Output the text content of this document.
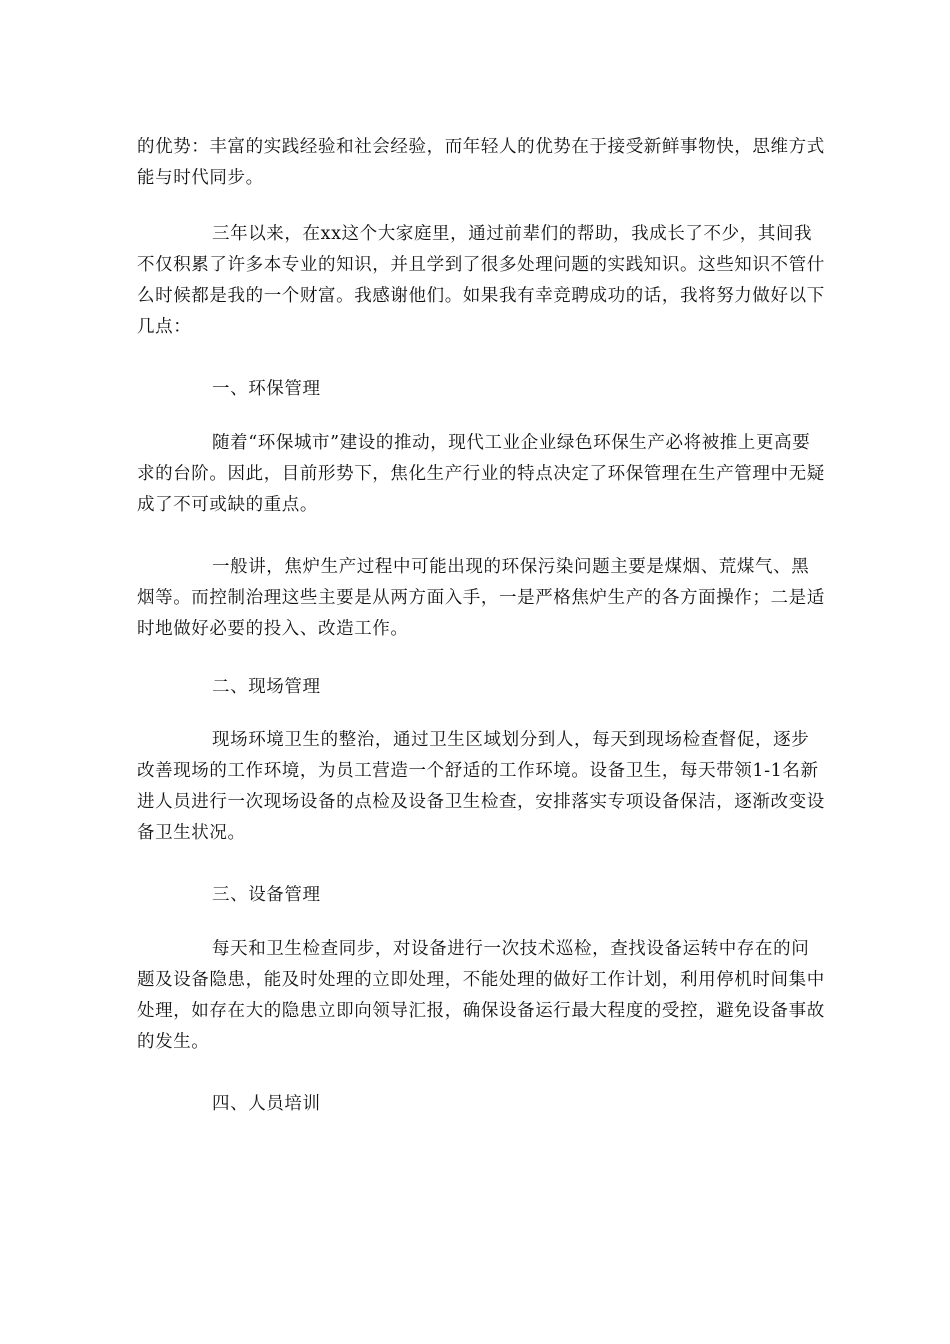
的优势：丰富的实践经验和社会经验，而年轻人的优势在于接受新鲜事物快，思维方式能与时代同步。

三年以来，在xx这个大家庭里，通过前辈们的帮助，我成长了不少，其间我不仅积累了许多本专业的知识，并且学到了很多处理问题的实践知识。这些知识不管什么时候都是我的一个财富。我感谢他们。如果我有幸竞聘成功的话，我将努力做好以下几点：

一、环保管理

随着“环保城市”建设的推动，现代工业企业绿色环保生产必将被推上更高要求的台阶。因此，目前形势下，焦化生产行业的特点决定了环保管理在生产管理中无疑成了不可或缺的重点。

一般讲，焦炉生产过程中可能出现的环保污染问题主要是煤烟、荒煤气、黑烟等。而控制治理这些主要是从两方面入手，一是严格焦炉生产的各方面操作；二是适时地做好必要的投入、改造工作。

二、现场管理

现场环境卫生的整治，通过卫生区域划分到人，每天到现场检查督促，逐步改善现场的工作环境，为员工营造一个舒适的工作环境。设备卫生，每天带领1-1名新进人员进行一次现场设备的点检及设备卫生检查，安排落实专项设备保洁，逐渐改变设备卫生状况。

三、设备管理

每天和卫生检查同步，对设备进行一次技术巡检，查找设备运转中存在的问题及设备隐患，能及时处理的立即处理，不能处理的做好工作计划，利用停机时间集中处理，如存在大的隐患立即向领导汇报，确保设备运行最大程度的受控，避免设备事故的发生。

四、人员培训
